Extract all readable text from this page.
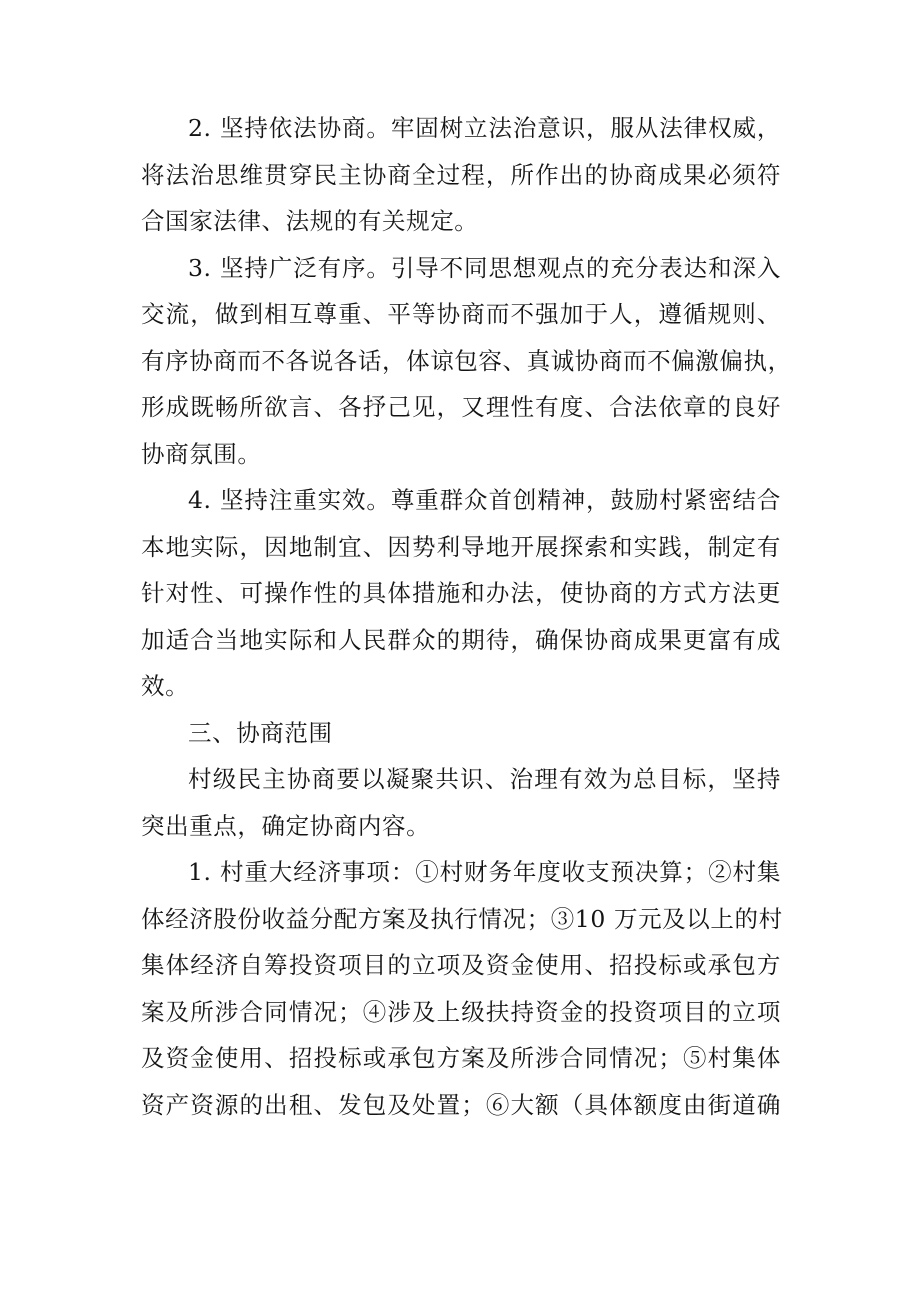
2. 坚持依法协商。牢固树立法治意识，服从法律权威，
将法治思维贯穿民主协商全过程，所作出的协商成果必须符
合国家法律、法规的有关规定。
3. 坚持广泛有序。引导不同思想观点的充分表达和深入
交流，做到相互尊重、平等协商而不强加于人，遵循规则、
有序协商而不各说各话，体谅包容、真诚协商而不偏激偏执，
形成既畅所欲言、各抒己见，又理性有度、合法依章的良好
协商氛围。
4. 坚持注重实效。尊重群众首创精神，鼓励村紧密结合
本地实际，因地制宜、因势利导地开展探索和实践，制定有
针对性、可操作性的具体措施和办法，使协商的方式方法更
加适合当地实际和人民群众的期待，确保协商成果更富有成
效。
三、协商范围
村级民主协商要以凝聚共识、治理有效为总目标，坚持
突出重点，确定协商内容。
1. 村重大经济事项：①村财务年度收支预决算；②村集
体经济股份收益分配方案及执行情况；③10 万元及以上的村
集体经济自筹投资项目的立项及资金使用、招投标或承包方
案及所涉合同情况；④涉及上级扶持资金的投资项目的立项
及资金使用、招投标或承包方案及所涉合同情况；⑤村集体
资产资源的出租、发包及处置；⑥大额（具体额度由街道确
